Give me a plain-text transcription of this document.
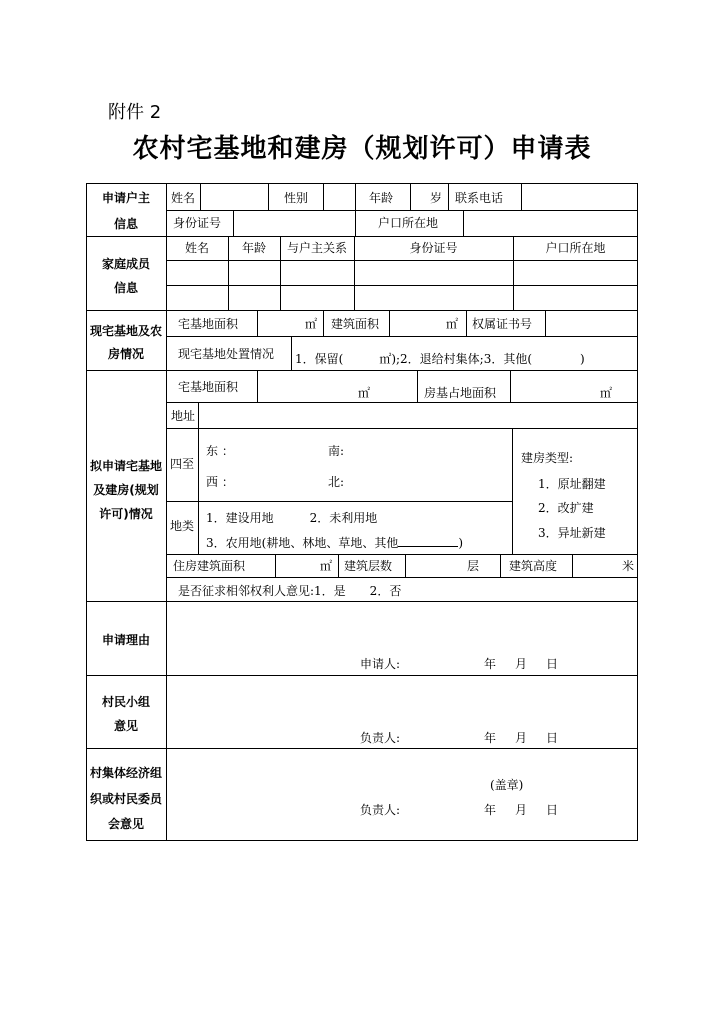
附件 2
农村宅基地和建房（规划许可）申请表
申请户主
信息
姓名	性别	年龄	岁 联系电话
身份证号	户口所在地
家庭成员
信息
姓名	年龄	与户主关系	身份证号	户口所在地
现宅基地及农
房情况
宅基地面积	㎡ 建筑面积	㎡ 权属证书号
现宅基地处置情况 1．保留(　　　㎡);2．退给村集体;3．其他(　　　　)
拟申请宅基地
及建房(规划
许可)情况
宅基地面积	㎡	房基占地面积	㎡
地址
四至
东 ：	南:
西 ：	北:
地类
1．建设用地　　　2．未利用地
3．农用地(耕地、林地、草地、其他	)
建房类型:
1．原址翻建
2．改扩建
3．异址新建
住房建筑面积	㎡ 建筑层数	层 建筑高度	米
是否征求相邻权利人意见:1．是　　2．否
申请理由
申请人:	年 月 日
村民小组
意见
负责人:	年 月 日
村集体经济组
织或村民委员
会意见
(盖章)
负责人:	年 月 日
